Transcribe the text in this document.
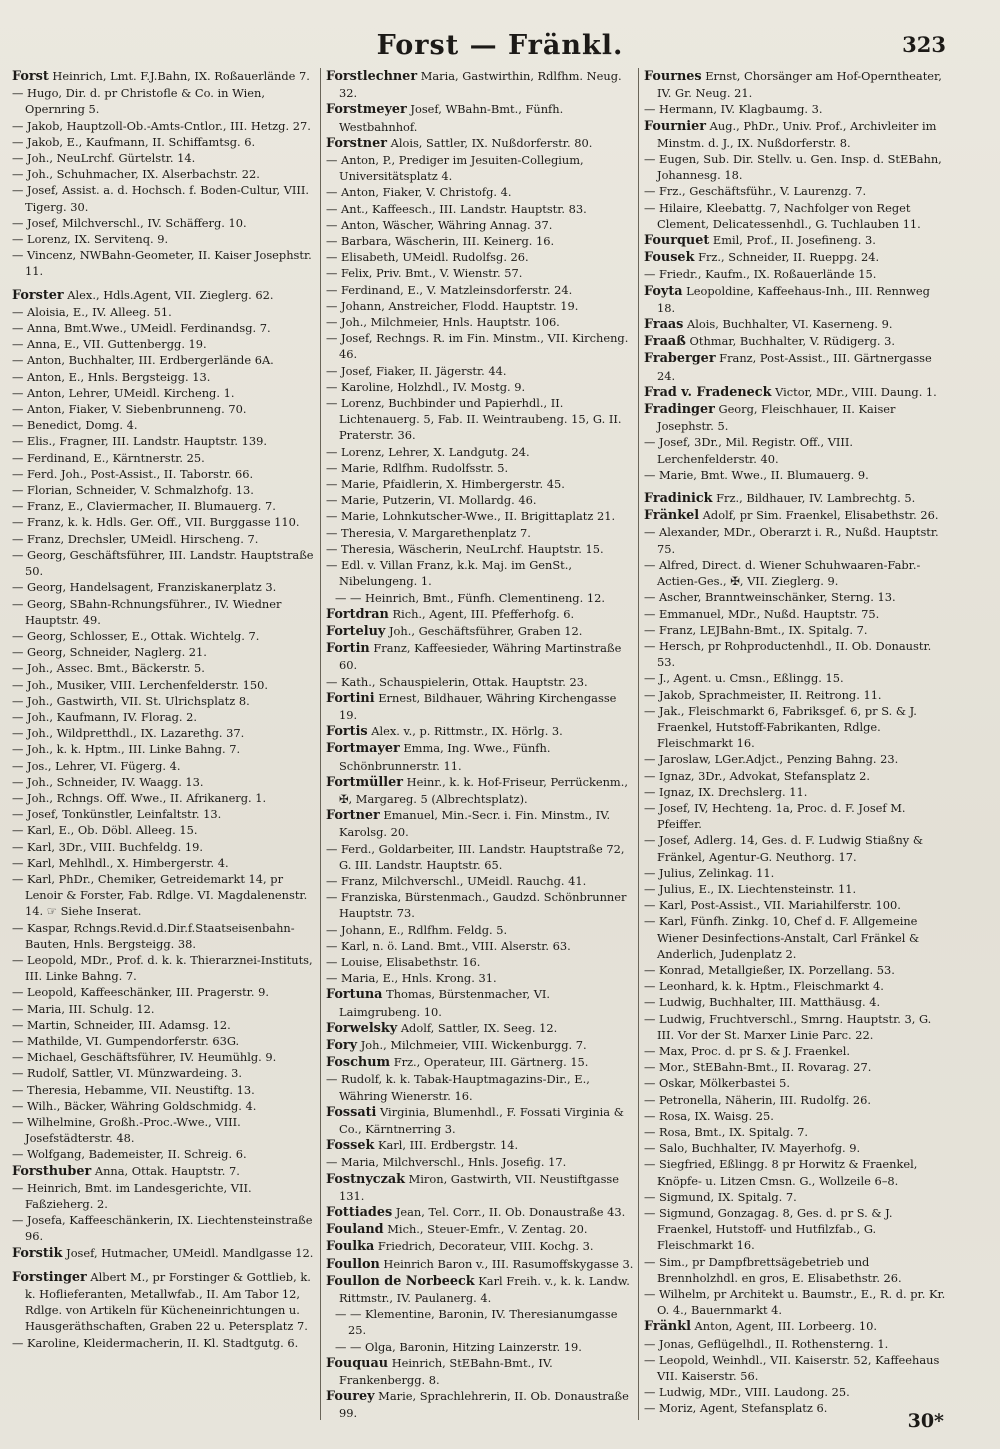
Forst — Fränkl.	323

Forst Heinrich, Lmt. F.J.Bahn, IX. Roßauerlände 7.

— Hugo, Dir. d. pr Christofle & Co. in Wien, Opernring 5.

— Jakob, Hauptzoll-Ob.-Amts-Cntlor., III. Hetzg. 27.

— Jakob, E., Kaufmann, II. Schiffamtsg. 6.

— Joh., NeuLrchf. Gürtelstr. 14.

— Joh., Schuhmacher, IX. Alserbachstr. 22.

— Josef, Assist. a. d. Hochsch. f. Boden-Cultur, VIII. Tigerg. 30.

— Josef, Milchverschl., IV. Schäfferg. 10.

— Lorenz, IX. Servitenq. 9.

— Vincenz, NWBahn-Geometer, II. Kaiser Josephstr. 11.

Forster Alex., Hdls.Agent, VII. Zieglerg. 62.

— Aloisia, E., IV. Alleeg. 51.

— Anna, Bmt.Wwe., UMeidl. Ferdinandsg. 7.

— Anna, E., VII. Guttenbergg. 19.

— Anton, Buchhalter, III. Erdbergerlände 6A.

— Anton, E., Hnls. Bergsteigg. 13.

— Anton, Lehrer, UMeidl. Kircheng. 1.

— Anton, Fiaker, V. Siebenbrunneng. 70.

— Benedict, Domg. 4.

— Elis., Fragner, III. Landstr. Hauptstr. 139.

— Ferdinand, E., Kärntnerstr. 25.

— Ferd. Joh., Post-Assist., II. Taborstr. 66.

— Florian, Schneider, V. Schmalzhofg. 13.

— Franz, E., Claviermacher, II. Blumauerg. 7.

— Franz, k. k. Hdls. Ger. Off., VII. Burggasse 110.

— Franz, Drechsler, UMeidl. Hirscheng. 7.

— Georg, Geschäftsführer, III. Landstr. Hauptstraße 50.

— Georg, Handelsagent, Franziskanerplatz 3.

— Georg, SBahn-Rchnungsführer., IV. Wiedner Hauptstr. 49.

— Georg, Schlosser, E., Ottak. Wichtelg. 7.

— Georg, Schneider, Naglerg. 21.

— Joh., Assec. Bmt., Bäckerstr. 5.

— Joh., Musiker, VIII. Lerchenfelderstr. 150.

— Joh., Gastwirth, VII. St. Ulrichsplatz 8.

— Joh., Kaufmann, IV. Florag. 2.

— Joh., Wildpretthdl., IX. Lazarethg. 37.

— Joh., k. k. Hptm., III. Linke Bahng. 7.

— Jos., Lehrer, VI. Fügerg. 4.

— Joh., Schneider, IV. Waagg. 13.

— Joh., Rchngs. Off. Wwe., II. Afrikanerg. 1.

— Josef, Tonkünstler, Leinfaltstr. 13.

— Karl, E., Ob. Döbl. Alleeg. 15.

— Karl, 3Dr., VIII. Buchfeldg. 19.

— Karl, Mehlhdl., X. Himbergerstr. 4.

— Karl, PhDr., Chemiker, Getreidemarkt 14, pr Lenoir & Forster, Fab. Rdlge. VI. Magdalenenstr. 14. ☞ Siehe Inserat.

— Kaspar, Rchngs.Revid.d.Dir.f.Staatseisenbahn-Bauten, Hnls. Bergsteigg. 38.

— Leopold, MDr., Prof. d. k. k. Thierarznei-Instituts, III. Linke Bahng. 7.

— Leopold, Kaffeeschänker, III. Pragerstr. 9.

— Maria, III. Schulg. 12.

— Martin, Schneider, III. Adamsg. 12.

— Mathilde, VI. Gumpendorferstr. 63G.

— Michael, Geschäftsführer, IV. Heumühlg. 9.

— Rudolf, Sattler, VI. Münzwardeing. 3.

— Theresia, Hebamme, VII. Neustiftg. 13.

— Wilh., Bäcker, Währing Goldschmidg. 4.

— Wilhelmine, Großh.-Proc.-Wwe., VIII. Josefstädterstr. 48.

— Wolfgang, Bademeister, II. Schreig. 6.

Forsthuber Anna, Ottak. Hauptstr. 7.

— Heinrich, Bmt. im Landesgerichte, VII. Faßzieherg. 2.

— Josefa, Kaffeeschänkerin, IX. Liechtensteinstraße 96.

Forstik Josef, Hutmacher, UMeidl. Mandlgasse 12.

Forstinger Albert M., pr Forstinger & Gottlieb, k. k. Hoflieferanten, Metallwfab., II. Am Tabor 12, Rdlge. von Artikeln für Kücheneinrichtungen u. Hausgeräthschaften, Graben 22 u. Petersplatz 7.

— Karoline, Kleidermacherin, II. Kl. Stadtgutg. 6.

Forstlechner Maria, Gastwirthin, Rdlfhm. Neug. 32.

Forstmeyer Josef, WBahn-Bmt., Fünfh. Westbahnhof.

Forstner Alois, Sattler, IX. Nußdorferstr. 80.

— Anton, P., Prediger im Jesuiten-Collegium, Universitätsplatz 4.

— Anton, Fiaker, V. Christofg. 4.

— Ant., Kaffeesch., III. Landstr. Hauptstr. 83.

— Anton, Wäscher, Währing Annag. 37.

— Barbara, Wäscherin, III. Keinerg. 16.

— Elisabeth, UMeidl. Rudolfsg. 26.

— Felix, Priv. Bmt., V. Wienstr. 57.

— Ferdinand, E., V. Matzleinsdorferstr. 24.

— Johann, Anstreicher, Flodd. Hauptstr. 19.

— Joh., Milchmeier, Hnls. Hauptstr. 106.

— Josef, Rechngs. R. im Fin. Minstm., VII. Kircheng. 46.

— Josef, Fiaker, II. Jägerstr. 44.

— Karoline, Holzhdl., IV. Mostg. 9.

— Lorenz, Buchbinder und Papierhdl., II. Lichtenauerg. 5, Fab. II. Weintraubeng. 15, G. II. Praterstr. 36.

— Lorenz, Lehrer, X. Landgutg. 24.

— Marie, Rdlfhm. Rudolfsstr. 5.

— Marie, Pfaidlerin, X. Himbergerstr. 45.

— Marie, Putzerin, VI. Mollardg. 46.

— Marie, Lohnkutscher-Wwe., II. Brigittaplatz 21.

— Theresia, V. Margarethenplatz 7.

— Theresia, Wäscherin, NeuLrchf. Hauptstr. 15.

— Edl. v. Villan Franz, k.k. Maj. im GenSt., Nibelungeng. 1.

— — Heinrich, Bmt., Fünfh. Clementineng. 12.

Fortdran Rich., Agent, III. Pfefferhofg. 6.

Forteluy Joh., Geschäftsführer, Graben 12.

Fortin Franz, Kaffeesieder, Währing Martinstraße 60.

— Kath., Schauspielerin, Ottak. Hauptstr. 23.

Fortini Ernest, Bildhauer, Währing Kirchengasse 19.

Fortis Alex. v., p. Rittmstr., IX. Hörlg. 3.

Fortmayer Emma, Ing. Wwe., Fünfh. Schönbrunnerstr. 11.

Fortmüller Heinr., k. k. Hof-Friseur, Perrückenm., ✠, Margareg. 5 (Albrechtsplatz).

Fortner Emanuel, Min.-Secr. i. Fin. Minstm., IV. Karolsg. 20.

— Ferd., Goldarbeiter, III. Landstr. Hauptstraße 72, G. III. Landstr. Hauptstr. 65.

— Franz, Milchverschl., UMeidl. Rauchg. 41.

— Franziska, Bürstenmach., Gaudzd. Schönbrunner Hauptstr. 73.

— Johann, E., Rdlfhm. Feldg. 5.

— Karl, n. ö. Land. Bmt., VIII. Alserstr. 63.

— Louise, Elisabethstr. 16.

— Maria, E., Hnls. Krong. 31.

Fortuna Thomas, Bürstenmacher, VI. Laimgrubeng. 10.

Forwelsky Adolf, Sattler, IX. Seeg. 12.

Fory Joh., Milchmeier, VIII. Wickenburgg. 7.

Foschum Frz., Operateur, III. Gärtnerg. 15.

— Rudolf, k. k. Tabak-Hauptmagazins-Dir., E., Währing Wienerstr. 16.

Fossati Virginia, Blumenhdl., F. Fossati Virginia & Co., Kärntnerring 3.

Fossek Karl, III. Erdbergstr. 14.

— Maria, Milchverschl., Hnls. Josefig. 17.

Fostnyczak Miron, Gastwirth, VII. Neustiftgasse 131.

Fottiades Jean, Tel. Corr., II. Ob. Donaustraße 43.

Fouland Mich., Steuer-Emfr., V. Zentag. 20.

Foulka Friedrich, Decorateur, VIII. Kochg. 3.

Foullon Heinrich Baron v., III. Rasumoffskygasse 3.

Foullon de Norbeeck Karl Freih. v., k. k. Landw. Rittmstr., IV. Paulanerg. 4.

— — Klementine, Baronin, IV. Theresianumgasse 25.

— — Olga, Baronin, Hitzing Lainzerstr. 19.

Fouquau Heinrich, StEBahn-Bmt., IV. Frankenbergg. 8.

Fourey Marie, Sprachlehrerin, II. Ob. Donaustraße 99.

Fournes Ernst, Chorsänger am Hof-Operntheater, IV. Gr. Neug. 21.

— Hermann, IV. Klagbaumg. 3.

Fournier Aug., PhDr., Univ. Prof., Archivleiter im Minstm. d. J., IX. Nußdorferstr. 8.

— Eugen, Sub. Dir. Stellv. u. Gen. Insp. d. StEBahn, Johannesg. 18.

— Frz., Geschäftsführ., V. Laurenzg. 7.

— Hilaire, Kleebattg. 7, Nachfolger von Reget Clement, Delicatessenhdl., G. Tuchlauben 11.

Fourquet Emil, Prof., II. Josefineng. 3.

Fousek Frz., Schneider, II. Rueppg. 24.

— Friedr., Kaufm., IX. Roßauerlände 15.

Foyta Leopoldine, Kaffeehaus-Inh., III. Rennweg 18.

Fraas Alois, Buchhalter, VI. Kaserneng. 9.

Fraaß Othmar, Buchhalter, V. Rüdigerg. 3.

Fraberger Franz, Post-Assist., III. Gärtnergasse 24.

Frad v. Fradeneck Victor, MDr., VIII. Daung. 1.

Fradinger Georg, Fleischhauer, II. Kaiser Josephstr. 5.

— Josef, 3Dr., Mil. Registr. Off., VIII. Lerchenfelderstr. 40.

— Marie, Bmt. Wwe., II. Blumauerg. 9.

Fradinick Frz., Bildhauer, IV. Lambrechtg. 5.

Fränkel Adolf, pr Sim. Fraenkel, Elisabethstr. 26.

— Alexander, MDr., Oberarzt i. R., Nußd. Hauptstr. 75.

— Alfred, Direct. d. Wiener Schuhwaaren-Fabr.-Actien-Ges., ✠, VII. Zieglerg. 9.

— Ascher, Branntweinschänker, Sterng. 13.

— Emmanuel, MDr., Nußd. Hauptstr. 75.

— Franz, LEJBahn-Bmt., IX. Spitalg. 7.

— Hersch, pr Rohproductenhdl., II. Ob. Donaustr. 53.

— J., Agent. u. Cmsn., Eßlingg. 15.

— Jakob, Sprachmeister, II. Reitrong. 11.

— Jak., Fleischmarkt 6, Fabriksgef. 6, pr S. & J. Fraenkel, Hutstoff-Fabrikanten, Rdlge. Fleischmarkt 16.

— Jaroslaw, LGer.Adjct., Penzing Bahng. 23.

— Ignaz, 3Dr., Advokat, Stefansplatz 2.

— Ignaz, IX. Drechslerg. 11.

— Josef, IV, Hechteng. 1a, Proc. d. F. Josef M. Pfeiffer.

— Josef, Adlerg. 14, Ges. d. F. Ludwig Stiaßny & Fränkel, Agentur-G. Neuthorg. 17.

— Julius, Zelinkag. 11.

— Julius, E., IX. Liechtensteinstr. 11.

— Karl, Post-Assist., VII. Mariahilferstr. 100.

— Karl, Fünfh. Zinkg. 10, Chef d. F. Allgemeine Wiener Desinfections-Anstalt, Carl Fränkel & Anderlich, Judenplatz 2.

— Konrad, Metallgießer, IX. Porzellang. 53.

— Leonhard, k. k. Hptm., Fleischmarkt 4.

— Ludwig, Buchhalter, III. Matthäusg. 4.

— Ludwig, Fruchtverschl., Smrng. Hauptstr. 3, G. III. Vor der St. Marxer Linie Parc. 22.

— Max, Proc. d. pr S. & J. Fraenkel.

— Mor., StEBahn-Bmt., II. Rovarag. 27.

— Oskar, Mölkerbastei 5.

— Petronella, Näherin, III. Rudolfg. 26.

— Rosa, IX. Waisg. 25.

— Rosa, Bmt., IX. Spitalg. 7.

— Salo, Buchhalter, IV. Mayerhofg. 9.

— Siegfried, Eßlingg. 8 pr Horwitz & Fraenkel, Knöpfe- u. Litzen Cmsn. G., Wollzeile 6–8.

— Sigmund, IX. Spitalg. 7.

— Sigmund, Gonzagag. 8, Ges. d. pr S. & J. Fraenkel, Hutstoff- und Hutfilzfab., G. Fleischmarkt 16.

— Sim., pr Dampfbrettsägebetrieb und Brennholzhdl. en gros, E. Elisabethstr. 26.

— Wilhelm, pr Architekt u. Baumstr., E., R. d. pr. Kr. O. 4., Bauernmarkt 4.

Fränkl Anton, Agent, III. Lorbeerg. 10.

— Jonas, Geflügelhdl., II. Rothensterng. 1.

— Leopold, Weinhdl., VII. Kaiserstr. 52, Kaffeehaus VII. Kaiserstr. 56.

— Ludwig, MDr., VIII. Laudong. 25.

— Moriz, Agent, Stefansplatz 6.

30*
